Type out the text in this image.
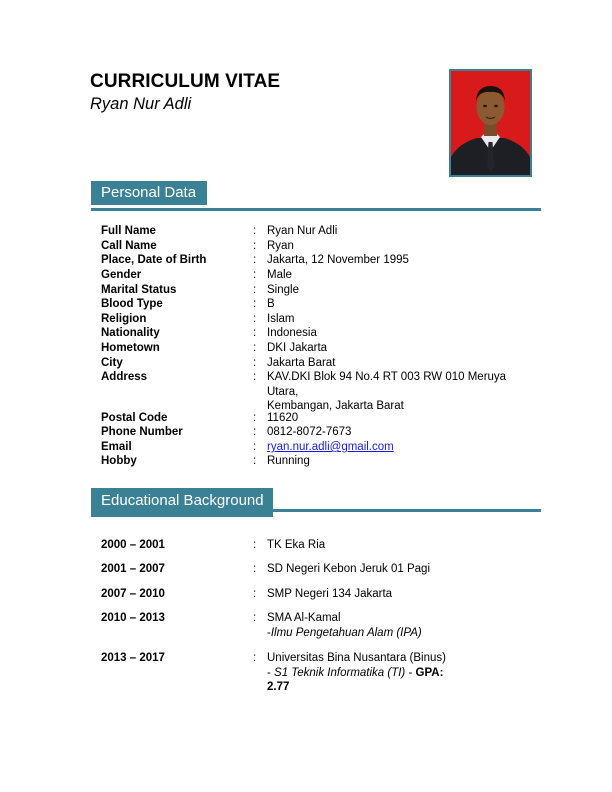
CURRICULUM VITAE
Ryan Nur Adli
Personal Data
Full Name	: Ryan Nur Adli
Call Name	: Ryan
Place, Date of Birth	: Jakarta, 12 November 1995
Gender	: Male
Marital Status	: Single
Blood Type	: B
Religion	: Islam
Nationality	: Indonesia
Hometown	: DKI Jakarta
City	: Jakarta Barat
Address	: KAV.DKI Blok 94 No.4 RT 003 RW 010 Meruya Utara,
Kembangan, Jakarta Barat
Postal Code	: 11620
Phone Number	: 0812-8072-7673
Email	: ryan.nur.adli@gmail.com
Hobby	: Running
Educational Background
2000 – 2001	: TK Eka Ria
2001 – 2007	: SD Negeri Kebon Jeruk 01 Pagi
2007 – 2010	: SMP Negeri 134 Jakarta
2010 – 2013	: SMA Al-Kamal
-Ilmu Pengetahuan Alam (IPA)
2013 – 2017	: Universitas Bina Nusantara (Binus)
- S1 Teknik Informatika (TI) - GPA: 2.77
